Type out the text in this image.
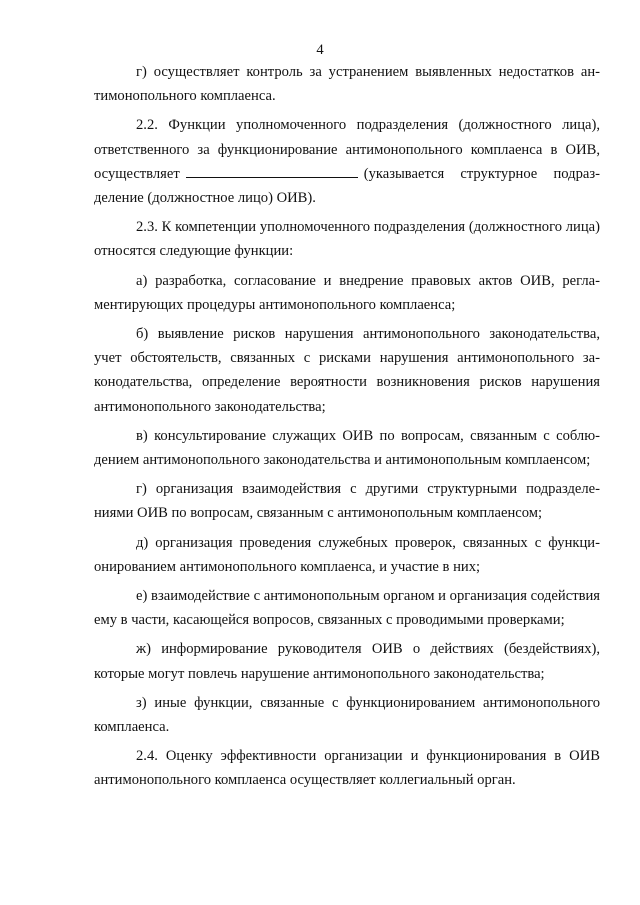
4

г) осуществляет контроль за устранением выявленных недостатков антимонопольного комплаенса.

2.2. Функции уполномоченного подразделения (должностного лица), ответственного за функционирование антимонопольного комплаенса в ОИВ, осуществляет	(указывается структурное подразделение (должностное лицо) ОИВ).

2.3. К компетенции уполномоченного подразделения (должностного лица) относятся следующие функции:

а) разработка, согласование и внедрение правовых актов ОИВ, регламентирующих процедуры антимонопольного комплаенса;

б) выявление рисков нарушения антимонопольного законодательства, учет обстоятельств, связанных с рисками нарушения антимонопольного законодательства, определение вероятности возникновения рисков нарушения антимонопольного законодательства;

в) консультирование служащих ОИВ по вопросам, связанным с соблюдением антимонопольного законодательства и антимонопольным комплаенсом;

г) организация взаимодействия с другими структурными подразделениями ОИВ по вопросам, связанным с антимонопольным комплаенсом;

д) организация проведения служебных проверок, связанных с функционированием антимонопольного комплаенса, и участие в них;

е) взаимодействие с антимонопольным органом и организация содействия ему в части, касающейся вопросов, связанных с проводимыми проверками;

ж) информирование руководителя ОИВ о действиях (бездействиях), которые могут повлечь нарушение антимонопольного законодательства;

з) иные функции, связанные с функционированием антимонопольного комплаенса.

2.4. Оценку эффективности организации и функционирования в ОИВ антимонопольного комплаенса осуществляет коллегиальный орган.
